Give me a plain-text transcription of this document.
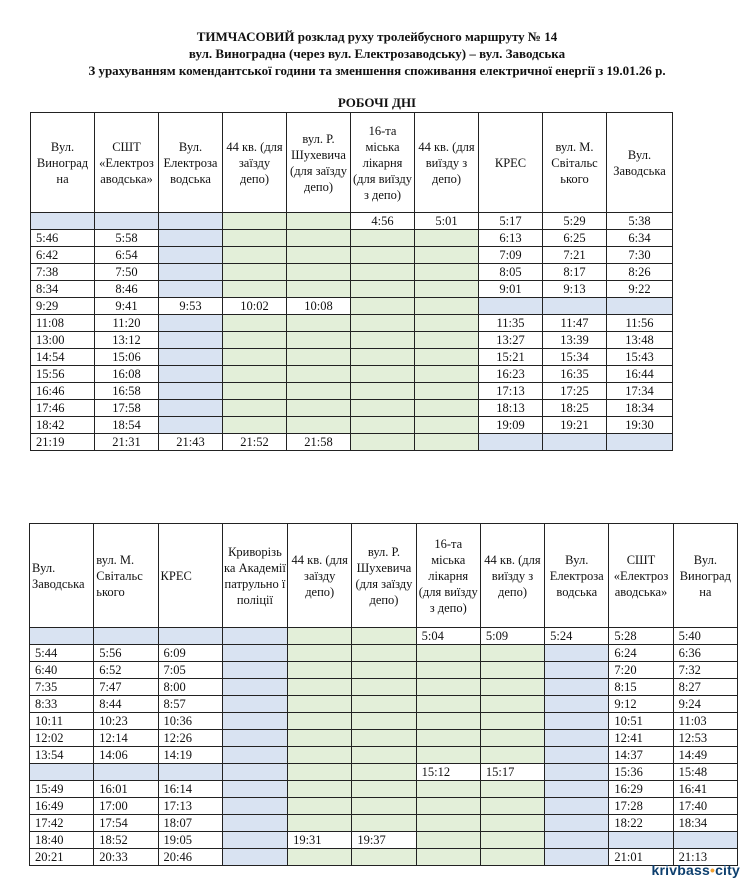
ТИМЧАСОВИЙ розклад руху тролейбусного маршруту № 14
вул. Виноградна (через вул. Електрозаводську) – вул. Заводська
З урахуванням комендантської години та зменшення споживання електричної енергії з 19.01.26 р.
РОБОЧІ ДНІ
Вул. Виноград на	СШТ «Електроз аводська»	Вул. Електроза водська	44 кв. (для заїзду депо)	вул. Р. Шухевича (для заїзду депо)	16-та міська лікарня (для виїзду з депо)	44 кв. (для виїзду з депо)	КРЕС	вул. М. Світальс ького	Вул. Заводська
					4:56	5:01	5:17	5:29	5:38
5:46	5:58						6:13	6:25	6:34
6:42	6:54						7:09	7:21	7:30
7:38	7:50						8:05	8:17	8:26
8:34	8:46						9:01	9:13	9:22
9:29	9:41	9:53	10:02	10:08					
11:08	11:20						11:35	11:47	11:56
13:00	13:12						13:27	13:39	13:48
14:54	15:06						15:21	15:34	15:43
15:56	16:08						16:23	16:35	16:44
16:46	16:58						17:13	17:25	17:34
17:46	17:58						18:13	18:25	18:34
18:42	18:54						19:09	19:21	19:30
21:19	21:31	21:43	21:52	21:58					
Вул. Заводська	вул. М. Світальс ького	КРЕС	Криворізь ка Академії патрульно ї поліції	44 кв. (для заїзду депо)	вул. Р. Шухевича (для заїзду депо)	16-та міська лікарня (для виїзду з депо)	44 кв. (для виїзду з депо)	Вул. Електроза водська	СШТ «Електроз аводська»	Вул. Виноград на
						5:04	5:09	5:24	5:28	5:40
5:44	5:56	6:09							6:24	6:36
6:40	6:52	7:05							7:20	7:32
7:35	7:47	8:00							8:15	8:27
8:33	8:44	8:57							9:12	9:24
10:11	10:23	10:36							10:51	11:03
12:02	12:14	12:26							12:41	12:53
13:54	14:06	14:19							14:37	14:49
						15:12	15:17		15:36	15:48
15:49	16:01	16:14							16:29	16:41
16:49	17:00	17:13							17:28	17:40
17:42	17:54	18:07							18:22	18:34
18:40	18:52	19:05		19:31	19:37					
20:21	20:33	20:46							21:01	21:13
krivbass•city
